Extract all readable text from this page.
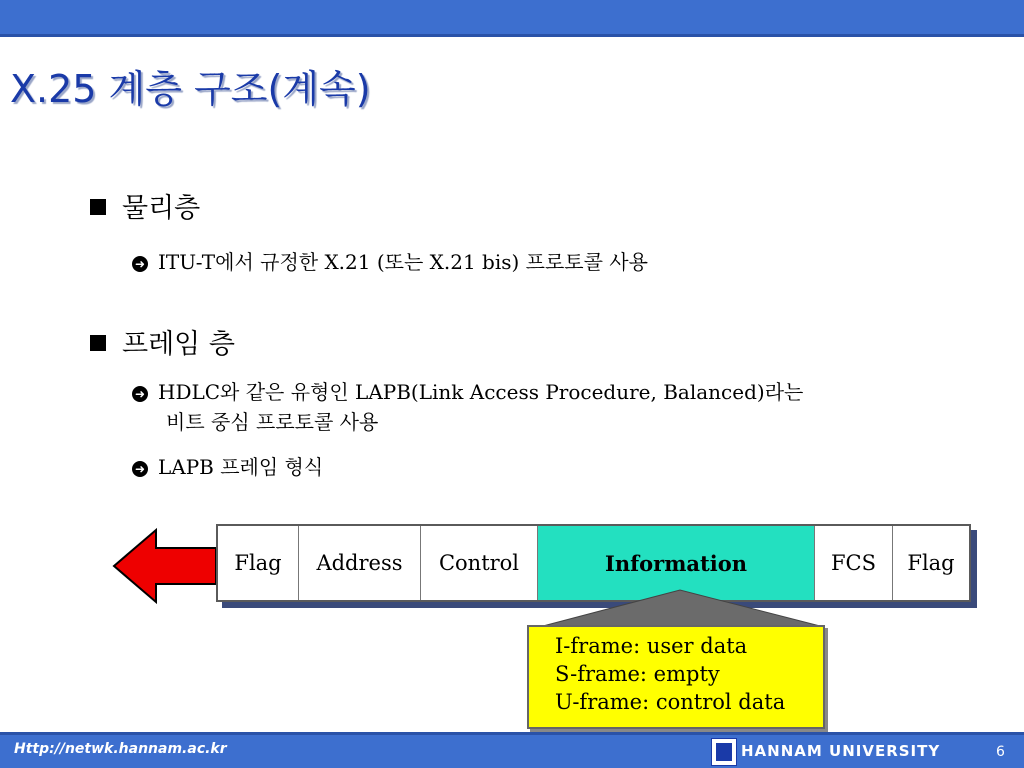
X.25 계층 구조(계속)
물리층
➜ ITU-T에서 규정한 X.21 (또는 X.21 bis) 프로토콜 사용
프레임 층
➜ HDLC와 같은 유형인 LAPB(Link Access Procedure, Balanced)라는
비트 중심 프로토콜 사용
➜ LAPB 프레임 형식
Flag	Address	Control	Information	FCS	Flag
I-frame: user data
S-frame: empty
U-frame: control data
Http://netwk.hannam.ac.kr	HANNAM UNIVERSITY	6
